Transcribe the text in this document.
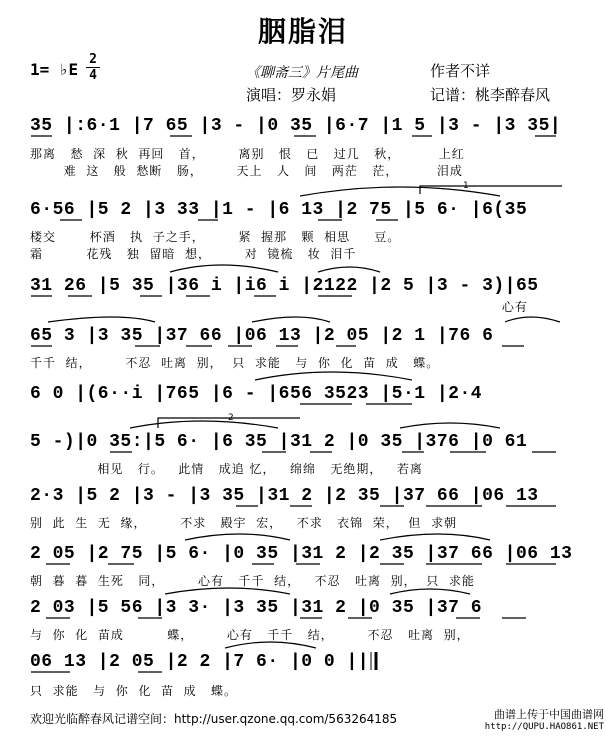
胭脂泪
1= ♭E
2
4	《聊斋三》片尾曲	作者不详
演唱：罗永娟	记谱：桃李醉春风
35 |:6·1 |7 65 |3 - |0 35 |6·7 |1 5 |3 - |3 35|
那离   愁  深  秋  再回   首，       离别   恨   已   过几   秋，        上红
难  这   般  愁断   肠，       天上   人   间   两茫   茫，        泪成
6·56 |5 2 |3 33 |1 - |6 13 |2 75 |5 6· |6(35
楼交       杯酒   执  子之手，       紧  握那   颗  相思     豆。
霜         花残   独  留暗  想，       对  镜梳   妆  泪千
31 26 |5 35 |36 i |i6 i |2122 |2 5 |3 - 3)|65
心有
65 3 |3 35 |37 66 |06 13 |2 05 |2 1 |76 6
千千  结，       不忍  吐离  别，  只  求能   与  你  化  苗  成   蝶。
6 0 |(6··i |765 |6 - |656 3523 |5·1 |2·4
5 -)|0 35:|5 6· |6 35 |31 2 |0 35 |376 |0 61
相见   行。   此情   成追 忆，   绵绵   无绝期，   若离
2·3 |5 2 |3 - |3 35 |31 2 |2 35 |37 66 |06 13
别  此  生  无  缘，       不求   殿宇  宏，   不求   衣锦  荣，  但  求朝
2 05 |2 75 |5 6· |0 35 |31 2 |2 35 |37 66 |06 13
朝  暮  暮  生死   同，       心有   千千  结，   不忍   吐离  别，  只  求能
2 03 |5 56 |3 3· |3 35 |31 2 |0 35 |37 6
与  你  化  苗成         蝶，       心有   千千   结，       不忍   吐离  别，
06 13 |2 05 |2 2 |7 6· |0 0 ||
只  求能   与  你  化  苗  成   蝶。
1
2
欢迎光临醉春风记谱空间：http://user.qzone.qq.com/563264185	曲谱上传于中国曲谱网
http://QUPU.HAO861.NET
